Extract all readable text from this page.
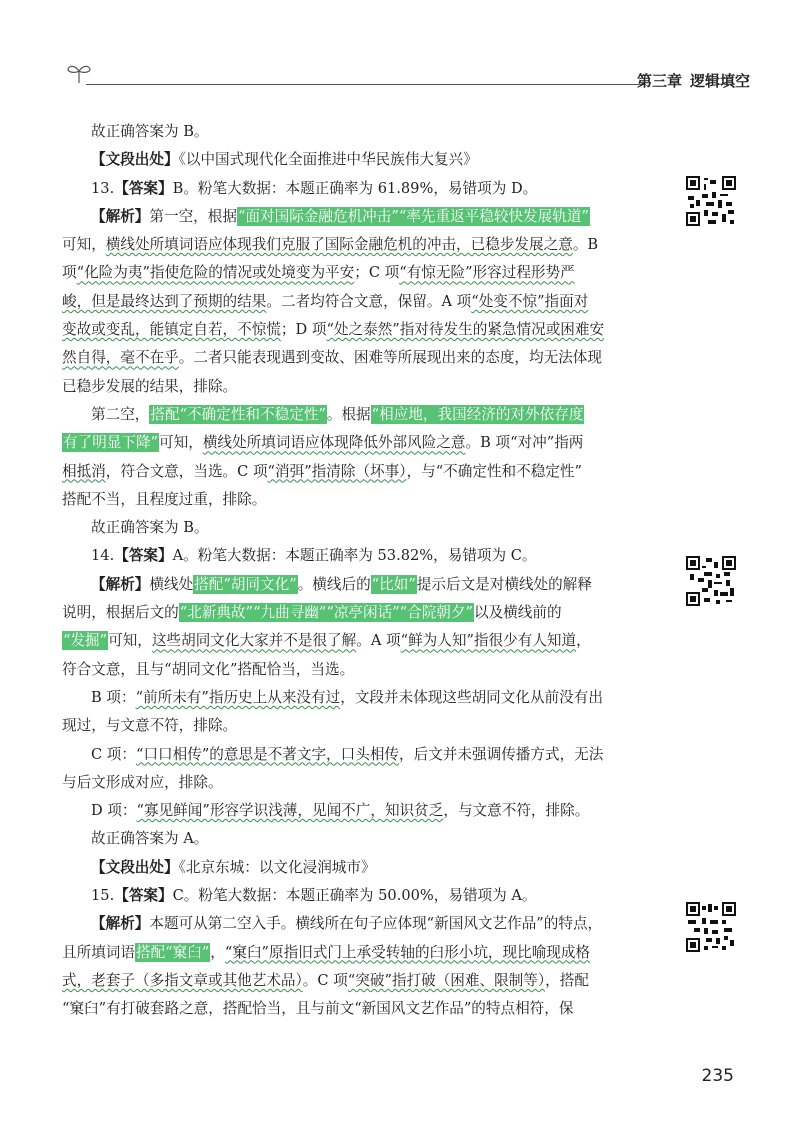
第三章 逻辑填空
故正确答案为 B。
【文段出处】《以中国式现代化全面推进中华民族伟大复兴》
13.【答案】B。粉笔大数据：本题正确率为 61.89%，易错项为 D。
【解析】第一空，根据“面对国际金融危机冲击”“率先重返平稳较快发展轨道”
可知，横线处所填词语应体现我们克服了国际金融危机的冲击，已稳步发展之意。B
项“化险为夷”指使危险的情况或处境变为平安；C 项“有惊无险”形容过程形势严
峻，但是最终达到了预期的结果。二者均符合文意，保留。A 项“处变不惊”指面对
变故或变乱，能镇定自若，不惊慌；D 项“处之泰然”指对待发生的紧急情况或困难安
然自得，毫不在乎。二者只能表现遇到变故、困难等所展现出来的态度，均无法体现
已稳步发展的结果，排除。
第二空，搭配“不确定性和不稳定性”。根据“相应地，我国经济的对外依存度
有了明显下降”可知，横线处所填词语应体现降低外部风险之意。B 项“对冲”指两
相抵消，符合文意，当选。C 项“消弭”指清除（坏事），与“不确定性和不稳定性”
搭配不当，且程度过重，排除。
故正确答案为 B。
14.【答案】A。粉笔大数据：本题正确率为 53.82%，易错项为 C。
【解析】横线处搭配“胡同文化”。横线后的“比如”提示后文是对横线处的解释
说明，根据后文的“北新典故”“九曲寻幽”“凉亭闲话”“合院朝夕”以及横线前的
“发掘”可知，这些胡同文化大家并不是很了解。A 项“鲜为人知”指很少有人知道，
符合文意，且与“胡同文化”搭配恰当，当选。
B 项：“前所未有”指历史上从来没有过，文段并未体现这些胡同文化从前没有出
现过，与文意不符，排除。
C 项：“口口相传”的意思是不著文字，口头相传，后文并未强调传播方式，无法
与后文形成对应，排除。
D 项：“寡见鲜闻”形容学识浅薄，见闻不广，知识贫乏，与文意不符，排除。
故正确答案为 A。
【文段出处】《北京东城：以文化浸润城市》
15.【答案】C。粉笔大数据：本题正确率为 50.00%，易错项为 A。
【解析】本题可从第二空入手。横线所在句子应体现“新国风文艺作品”的特点，
且所填词语搭配“窠臼”，“窠臼”原指旧式门上承受转轴的臼形小坑，现比喻现成格
式，老套子（多指文章或其他艺术品）。C 项“突破”指打破（困难、限制等），搭配
“窠臼”有打破套路之意，搭配恰当，且与前文“新国风文艺作品”的特点相符，保
235
